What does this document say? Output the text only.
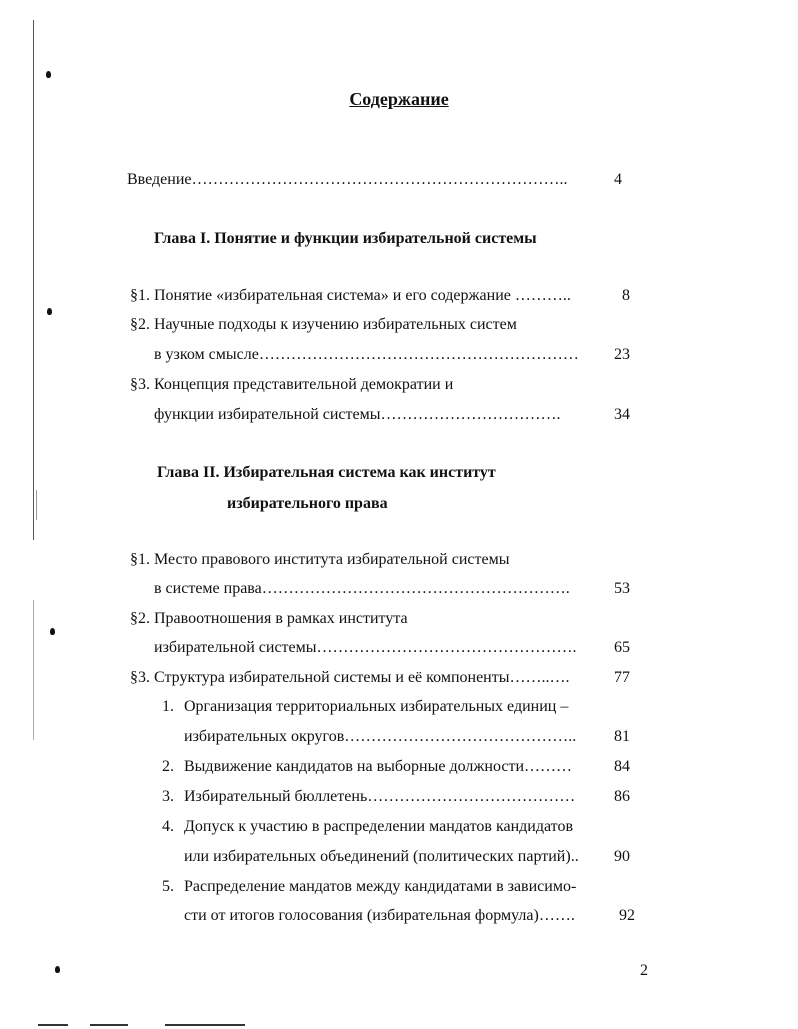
Содержание
Введение……………………………………………………………..	4
Глава I. Понятие и функции избирательной системы
§1. Понятие «избирательная система» и его содержание ………..	8
§2. Научные подходы к изучению избирательных систем
в узком смысле…………………………………………………… 23
§3. Концепция представительной демократии и
функции избирательной системы…………………………….	34
Глава II. Избирательная система как институт
избирательного права
§1. Место правового института избирательной системы
в системе права………………………………………………….	53
§2. Правоотношения в рамках института
избирательной системы…………………………………………. 65
§3. Структура избирательной системы и её компоненты……..….	77
1. Организация территориальных избирательных единиц –
избирательных округов…………………………………….. 81
2. Выдвижение кандидатов на выборные должности………	84
3. Избирательный бюллетень………………………………… 86
4. Допуск к участию в распределении мандатов кандидатов
или избирательных объединений (политических партий).. 90
5. Распределение мандатов между кандидатами в зависимо-
сти от итогов голосования (избирательная формула)…….	92
2
